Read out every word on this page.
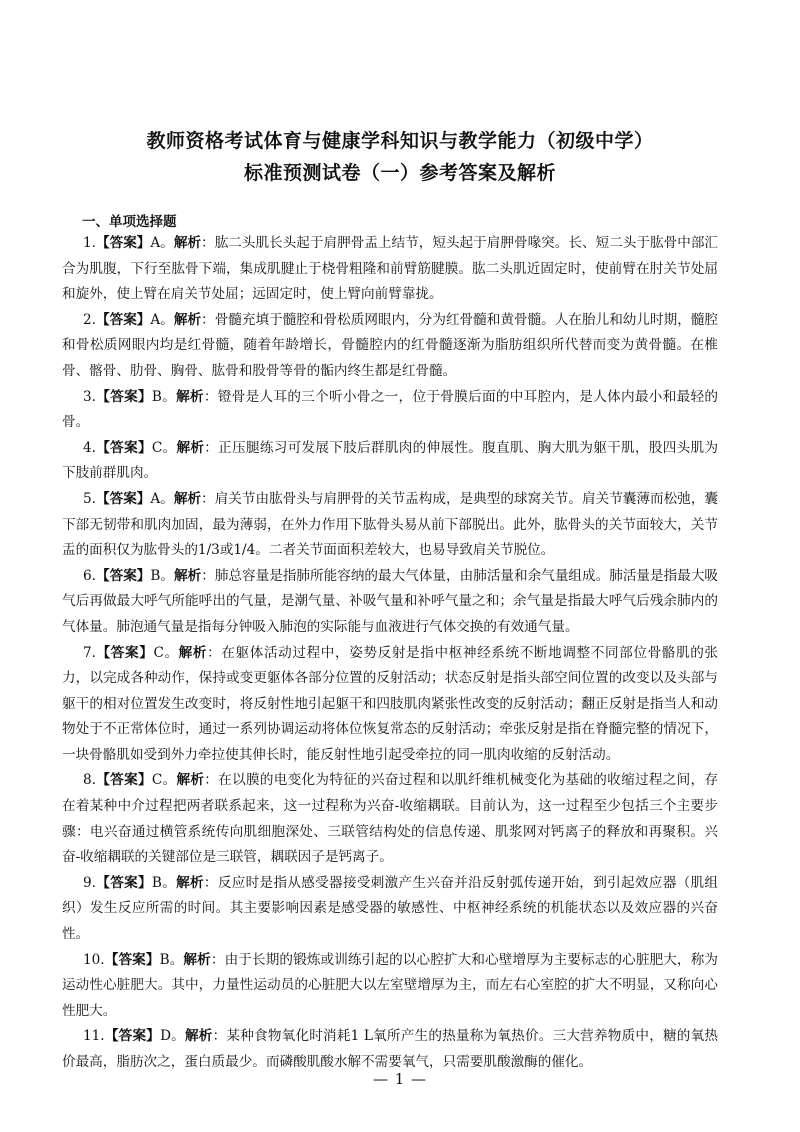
教师资格考试体育与健康学科知识与教学能力（初级中学）
标准预测试卷（一）参考答案及解析
一、单项选择题

1.【答案】A。解析：肱二头肌长头起于肩胛骨盂上结节，短头起于肩胛骨喙突。长、短二头于肱骨中部汇合为肌腹，下行至肱骨下端，集成肌腱止于桡骨粗隆和前臂筋腱膜。肱二头肌近固定时，使前臂在肘关节处屈和旋外，使上臂在肩关节处屈；远固定时，使上臂向前臂靠拢。

2.【答案】A。解析：骨髓充填于髓腔和骨松质网眼内，分为红骨髓和黄骨髓。人在胎儿和幼儿时期，髓腔和骨松质网眼内均是红骨髓，随着年龄增长，骨髓腔内的红骨髓逐渐为脂肪组织所代替而变为黄骨髓。在椎骨、髂骨、肋骨、胸骨、肱骨和股骨等骨的骺内终生都是红骨髓。

3.【答案】B。解析：镫骨是人耳的三个听小骨之一，位于骨膜后面的中耳腔内，是人体内最小和最轻的骨。

4.【答案】C。解析：正压腿练习可发展下肢后群肌肉的伸展性。腹直肌、胸大肌为躯干肌，股四头肌为下肢前群肌肉。

5.【答案】A。解析：肩关节由肱骨头与肩胛骨的关节盂构成，是典型的球窝关节。肩关节囊薄而松弛，囊下部无韧带和肌肉加固，最为薄弱，在外力作用下肱骨头易从前下部脱出。此外，肱骨头的关节面较大，关节盂的面积仅为肱骨头的1/3或1/4。二者关节面面积差较大，也易导致肩关节脱位。

6.【答案】B。解析：肺总容量是指肺所能容纳的最大气体量，由肺活量和余气量组成。肺活量是指最大吸气后再做最大呼气所能呼出的气量，是潮气量、补吸气量和补呼气量之和；余气量是指最大呼气后残余肺内的气体量。肺泡通气量是指每分钟吸入肺泡的实际能与血液进行气体交换的有效通气量。

7.【答案】C。解析：在躯体活动过程中，姿势反射是指中枢神经系统不断地调整不同部位骨骼肌的张力，以完成各种动作，保持或变更躯体各部分位置的反射活动；状态反射是指头部空间位置的改变以及头部与躯干的相对位置发生改变时，将反射性地引起躯干和四肢肌肉紧张性改变的反射活动；翻正反射是指当人和动物处于不正常体位时，通过一系列协调运动将体位恢复常态的反射活动；牵张反射是指在脊髓完整的情况下，一块骨骼肌如受到外力牵拉使其伸长时，能反射性地引起受牵拉的同一肌肉收缩的反射活动。

8.【答案】C。解析：在以膜的电变化为特征的兴奋过程和以肌纤维机械变化为基础的收缩过程之间，存在着某种中介过程把两者联系起来，这一过程称为兴奋-收缩耦联。目前认为，这一过程至少包括三个主要步骤：电兴奋通过横管系统传向肌细胞深处、三联管结构处的信息传递、肌浆网对钙离子的释放和再聚积。兴奋-收缩耦联的关键部位是三联管，耦联因子是钙离子。

9.【答案】B。解析：反应时是指从感受器接受刺激产生兴奋并沿反射弧传递开始，到引起效应器（肌组织）发生反应所需的时间。其主要影响因素是感受器的敏感性、中枢神经系统的机能状态以及效应器的兴奋性。

10.【答案】B。解析：由于长期的锻炼或训练引起的以心腔扩大和心壁增厚为主要标志的心脏肥大，称为运动性心脏肥大。其中，力量性运动员的心脏肥大以左室壁增厚为主，而左右心室腔的扩大不明显，又称向心性肥大。

11.【答案】D。解析：某种食物氧化时消耗1 L氧所产生的热量称为氧热价。三大营养物质中，糖的氧热价最高，脂肪次之，蛋白质最少。而磷酸肌酸水解不需要氧气，只需要肌酸激酶的催化。

— 1 —
